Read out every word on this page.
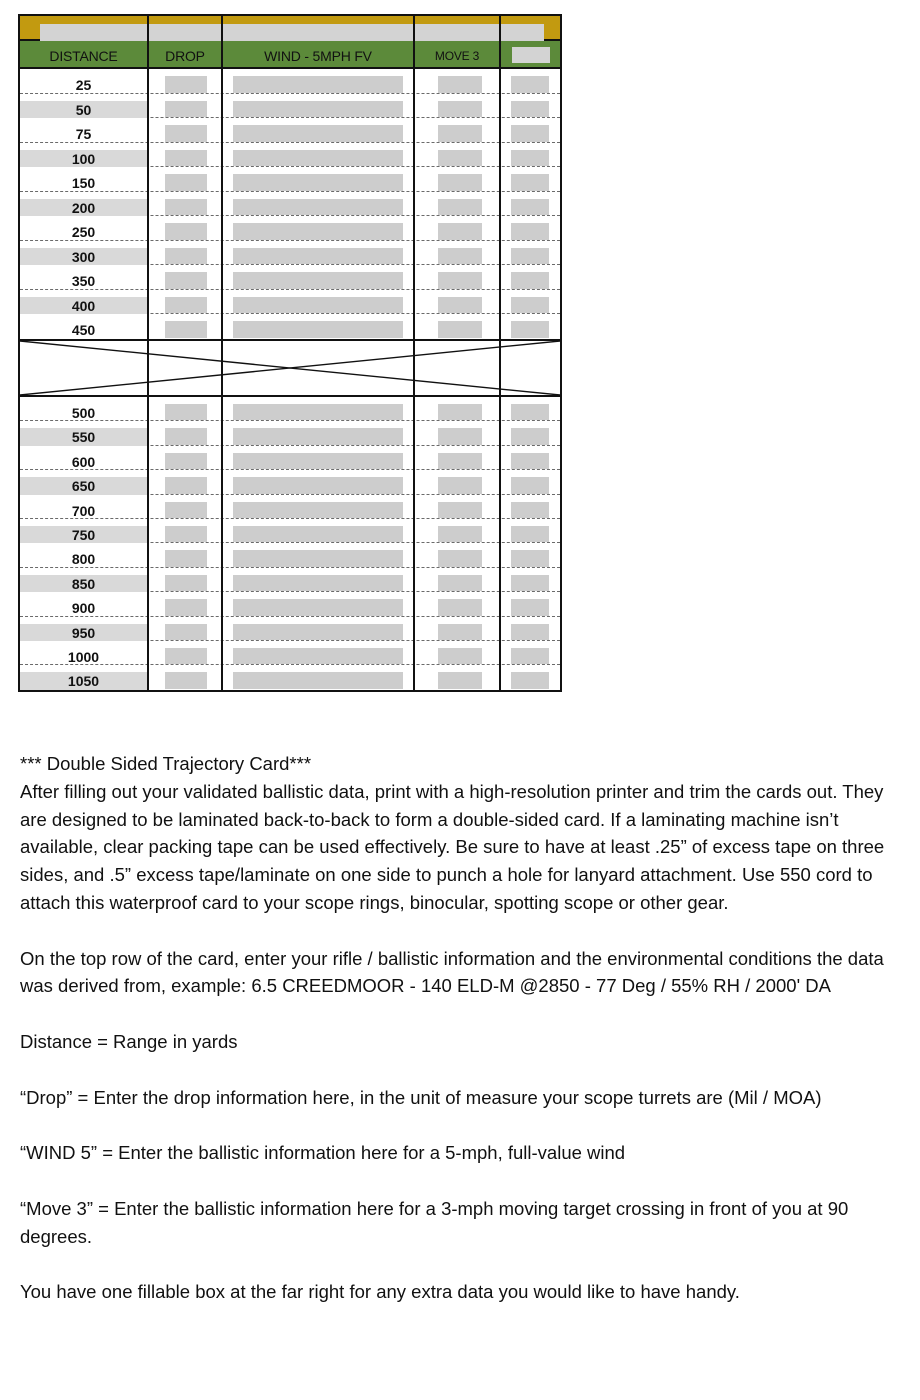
DISTANCE	DROP	WIND - 5MPH FV	MOVE 3
25
50
75
100
150
200
250
300
350
400
450
500
550
600
650
700
750
800
850
900
950
1000
1050

*** Double Sided Trajectory Card***

After filling out your validated ballistic data, print with a high-resolution printer and trim the cards out. They are designed to be laminated back-to-back to form a double-sided card. If a laminating machine isn’t available, clear packing tape can be used effectively. Be sure to have at least .25” of excess tape on three sides, and .5” excess tape/laminate on one side to punch a hole for lanyard attachment. Use 550 cord to attach this waterproof card to your scope rings, binocular, spotting scope or other gear.

On the top row of the card, enter your rifle / ballistic information and the environmental conditions the data was derived from, example: 6.5 CREEDMOOR - 140 ELD-M @2850 - 77 Deg / 55% RH / 2000' DA

Distance = Range in yards

“Drop” = Enter the drop information here, in the unit of measure your scope turrets are (Mil / MOA)

“WIND 5” = Enter the ballistic information here for a 5-mph, full-value wind

“Move 3” = Enter the ballistic information here for a 3-mph moving target crossing in front of you at 90 degrees.

You have one fillable box at the far right for any extra data you would like to have handy.
